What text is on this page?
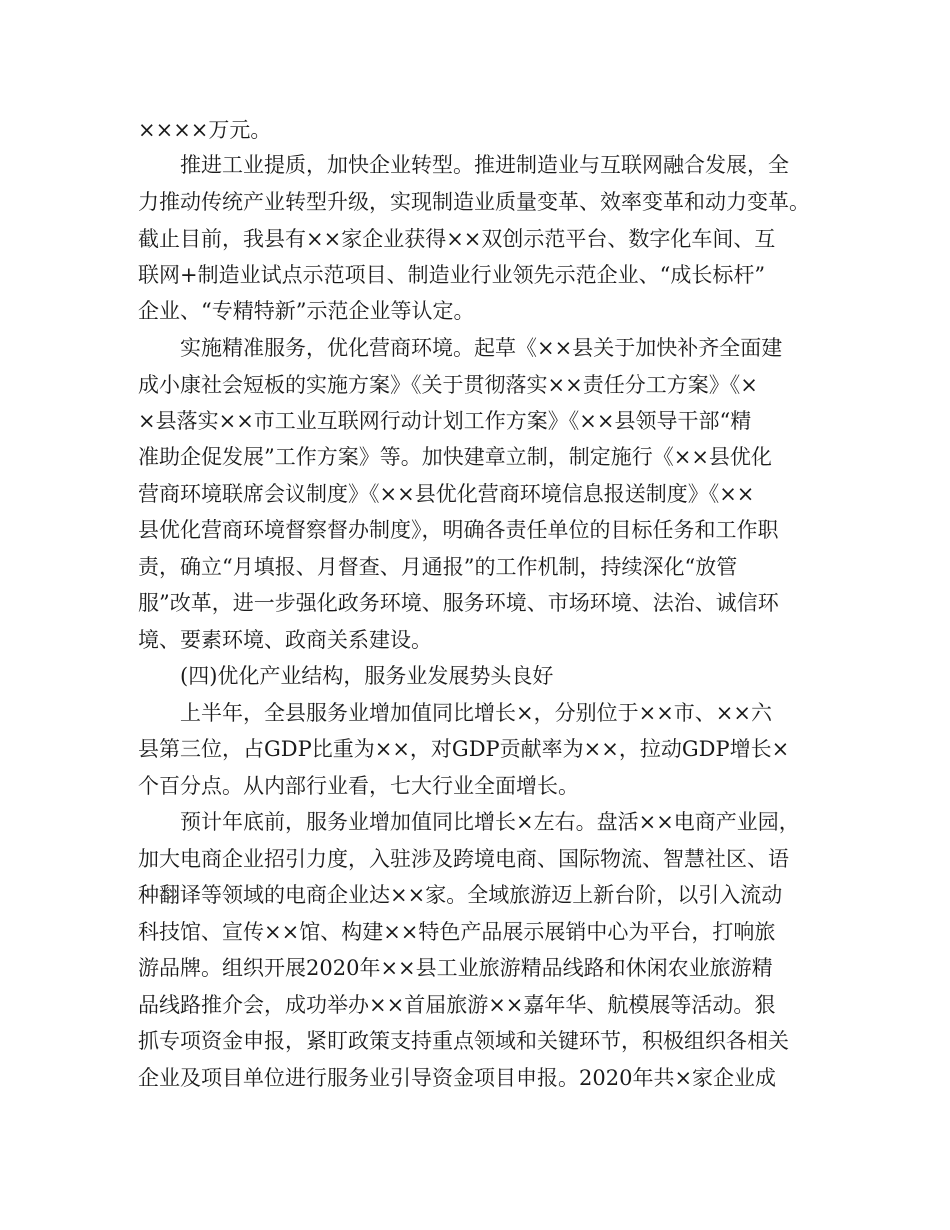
××××万元。

推进工业提质，加快企业转型。推进制造业与互联网融合发展，全

力推动传统产业转型升级，实现制造业质量变革、效率变革和动力变革。

截止目前，我县有××家企业获得××双创示范平台、数字化车间、互

联网+制造业试点示范项目、制造业行业领先示范企业、“成长标杆”

企业、“专精特新”示范企业等认定。

实施精准服务，优化营商环境。起草《××县关于加快补齐全面建

成小康社会短板的实施方案》《关于贯彻落实××责任分工方案》《×

×县落实××市工业互联网行动计划工作方案》《××县领导干部“精

准助企促发展”工作方案》等。加快建章立制，制定施行《××县优化

营商环境联席会议制度》《××县优化营商环境信息报送制度》《××

县优化营商环境督察督办制度》，明确各责任单位的目标任务和工作职

责，确立“月填报、月督查、月通报”的工作机制，持续深化“放管

服”改革，进一步强化政务环境、服务环境、市场环境、法治、诚信环

境、要素环境、政商关系建设。

(四)优化产业结构，服务业发展势头良好

上半年，全县服务业增加值同比增长×，分别位于××市、××六

县第三位，占GDP比重为××，对GDP贡献率为××，拉动GDP增长×

个百分点。从内部行业看，七大行业全面增长。

预计年底前，服务业增加值同比增长×左右。盘活××电商产业园，

加大电商企业招引力度，入驻涉及跨境电商、国际物流、智慧社区、语

种翻译等领域的电商企业达××家。全域旅游迈上新台阶，以引入流动

科技馆、宣传××馆、构建××特色产品展示展销中心为平台，打响旅

游品牌。组织开展2020年××县工业旅游精品线路和休闲农业旅游精

品线路推介会，成功举办××首届旅游××嘉年华、航模展等活动。狠

抓专项资金申报，紧盯政策支持重点领域和关键环节，积极组织各相关

企业及项目单位进行服务业引导资金项目申报。2020年共×家企业成
